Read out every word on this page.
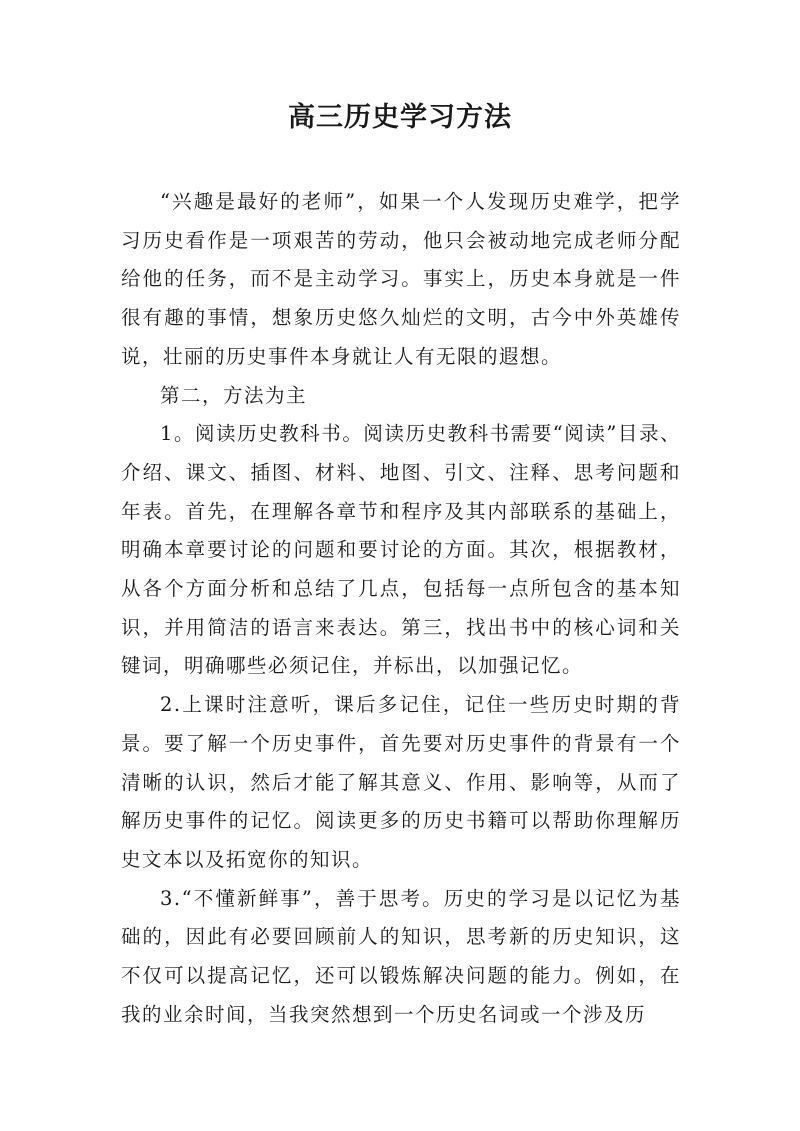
高三历史学习方法

“兴趣是最好的老师”，如果一个人发现历史难学，把学习历史看作是一项艰苦的劳动，他只会被动地完成老师分配给他的任务，而不是主动学习。事实上，历史本身就是一件很有趣的事情，想象历史悠久灿烂的文明，古今中外英雄传说，壮丽的历史事件本身就让人有无限的遐想。

第二，方法为主

1。阅读历史教科书。阅读历史教科书需要“阅读”目录、介绍、课文、插图、材料、地图、引文、注释、思考问题和年表。首先，在理解各章节和程序及其内部联系的基础上，明确本章要讨论的问题和要讨论的方面。其次，根据教材，从各个方面分析和总结了几点，包括每一点所包含的基本知识，并用简洁的语言来表达。第三，找出书中的核心词和关键词，明确哪些必须记住，并标出，以加强记忆。

2.上课时注意听，课后多记住，记住一些历史时期的背景。要了解一个历史事件，首先要对历史事件的背景有一个清晰的认识，然后才能了解其意义、作用、影响等，从而了解历史事件的记忆。阅读更多的历史书籍可以帮助你理解历史文本以及拓宽你的知识。

3.“不懂新鲜事”，善于思考。历史的学习是以记忆为基础的，因此有必要回顾前人的知识，思考新的历史知识，这不仅可以提高记忆，还可以锻炼解决问题的能力。例如，在我的业余时间，当我突然想到一个历史名词或一个涉及历
